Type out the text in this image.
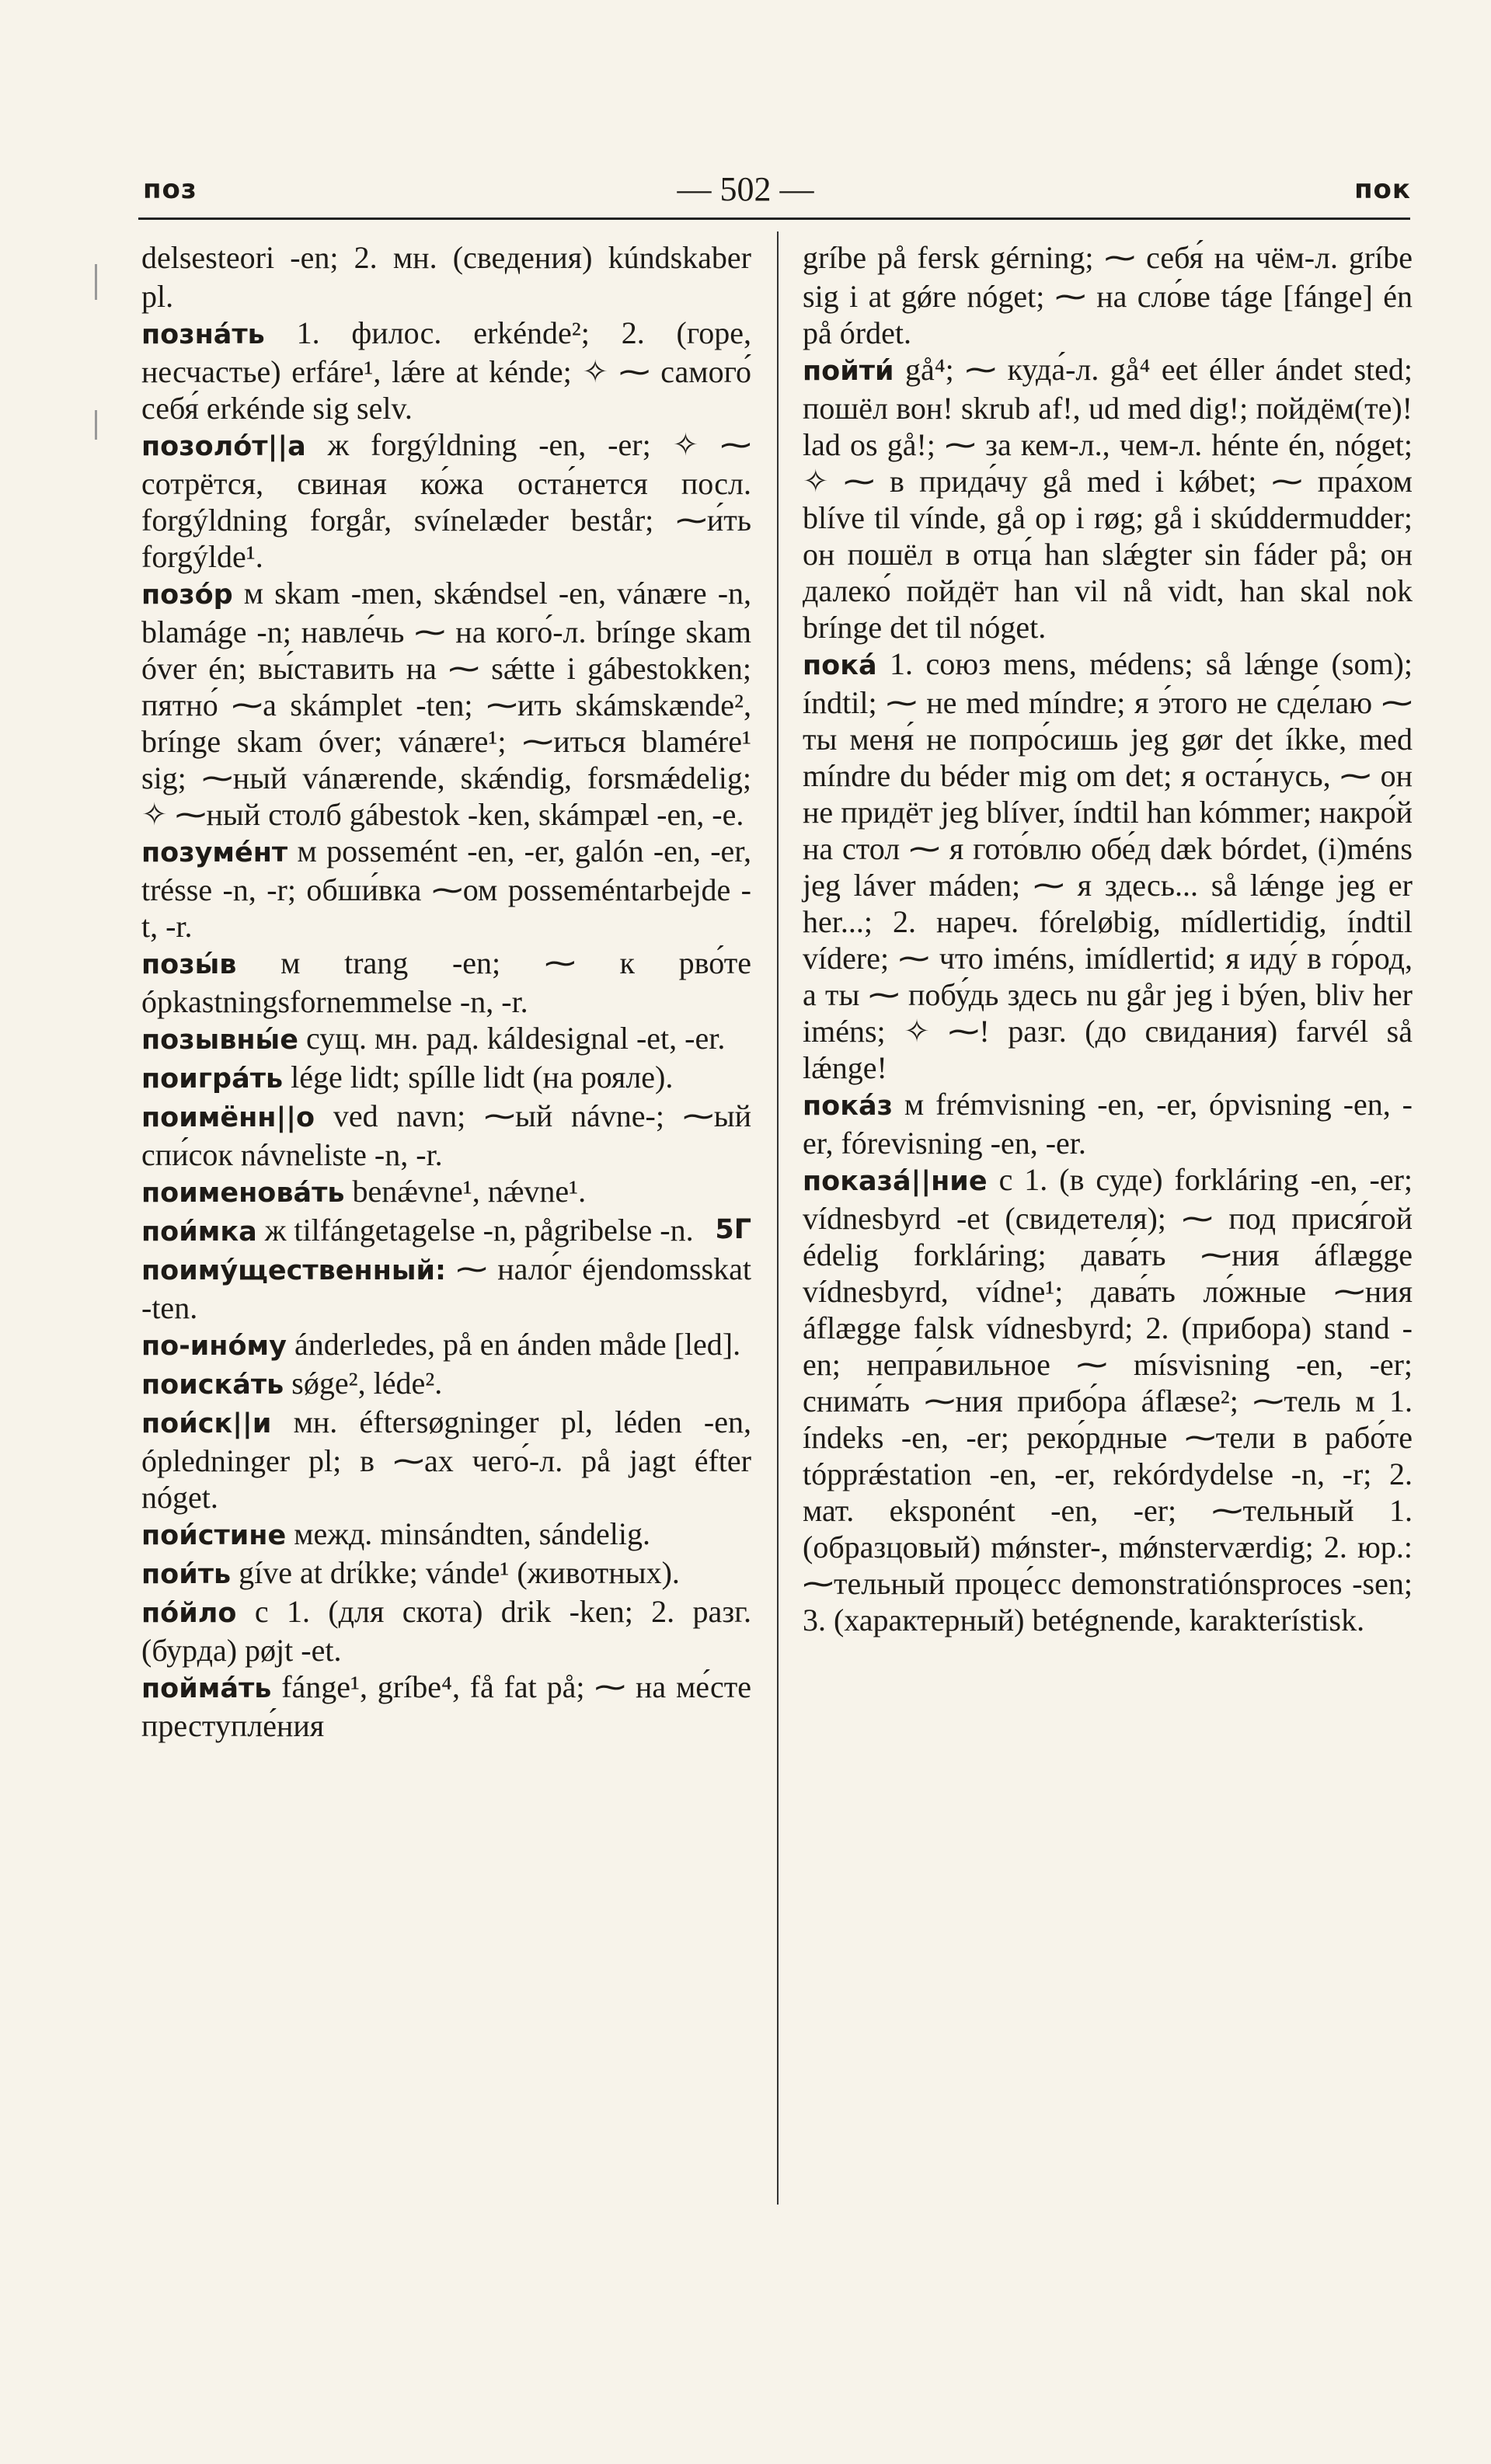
поз	— 502 —	пок

delsesteori -en; 2. мн. (сведения) kúndskaber pl.

позна́ть 1. филос. erkénde²; 2. (горе, несчастье) erfáre¹, lǽre at kénde; ✧ ⁓ самого́ себя́ erkénde sig selv.

позоло́т||а ж forgýldning -en, -er; ✧ ⁓ сотрётся, свиная ко́жа оста́нется посл. forgýldning forgår, svínelæder består; ⁓и́ть forgýlde¹.

позо́р м skam -men, skǽndsel -en, vánære -n, blamáge -n; навле́чь ⁓ на кого́-л. bríngе skam óver én; вы́ставить на ⁓ sǽtte i gábestokken; пятно́ ⁓a skámplet -ten; ⁓ить skámskænde², brínge skam óver; vánære¹; ⁓иться blamére¹ sig; ⁓ный vánærende, skǽndig, forsmǽdelig; ✧ ⁓ный столб gábestok -ken, skámpæl -en, -e.

позуме́нт м possemént -en, -er, galón -en, -er, trésse -n, -r; обши́вка ⁓ом posseméntarbejde -t, -r.

позы́в м trang -en; ⁓ к рво́те ópkastningsfornemmelse -n, -r.

позывны́е сущ. мн. рад. káldesignal -et, -er.

поигра́ть lége lidt; spílle lidt (на рояле).

поимённ||о ved navn; ⁓ый návne-; ⁓ый спи́сок návneliste -n, -r.

поименова́ть benǽvne¹, nǽvne¹.

пои́мка ж tilfángetagelse -n, pågribelse -n. 5Г

поиму́щественный: ⁓ нало́г éjendomsskat -ten.

по-ино́му ánderledes, på en ánden måde [led].

поиска́ть sǿge², léde².

пои́ск||и мн. éftersøgninger pl, léden -en, ópledninger pl; в ⁓ах чего́-л. på jagt éfter nóget.

пои́стине межд. minsándten, sándelig.

пои́ть gíve at drίkke; vánde¹ (животных).

по́йло с 1. (для скота) drik -ken; 2. разг. (бурда) pøjt -et.

пойма́ть fánge¹, gríbe⁴, få fat på; ⁓ на ме́сте преступле́ния

gríbe på fersk gérning; ⁓ себя́ на чём-л. gríbe sig i at gǿre nóget; ⁓ на сло́ве táge [fánge] én på órdet.

пойти́ gå⁴; ⁓ куда́-л. gå⁴ eet éller ándet sted; пошёл вон! skrub af!, ud med dig!; пойдём(те)! lad os gå!; ⁓ за кем-л., чем-л. hénte én, nóget; ✧ ⁓ в прида́чу gå med i kǿbet; ⁓ пра́хом blíve til vínde, gå op i røg; gå i skúddermudder; он пошёл в отца́ han slǽgter sin fáder på; он далеко́ пойдёт han vil nå vidt, han skal nok bríngе det til nóget.

пока́ 1. союз mens, médens; så lǽnge (som); índtil; ⁓ не med míndre; я э́того не сде́лаю ⁓ ты меня́ не попро́сишь jeg gør det íkke, med míndre du béder mig om det; я оста́нусь, ⁓ он не придёт jeg blíver, índtil han kómmer; накро́й на стол ⁓ я гото́влю обе́д dæk bórdet, (i)méns jeg láver máden; ⁓ я здесь... så lǽnge jeg er her...; 2. нареч. fóreløbig, mídlertidig, índtil vídere; ⁓ что iméns, imídlertid; я иду́ в го́род, а ты ⁓ побу́дь здесь nu går jeg i býen, bliv her iméns; ✧ ⁓! разг. (до свидания) farvél så lǽnge!

пока́з м frémvisning -en, -er, ópvisning -en, -er, fórevisning -en, -er.

показа́||ние с 1. (в суде) forkláring -en, -er; vídnesbyrd -et (свидетеля); ⁓ под прися́гой édelig forkláring; дава́ть ⁓ния áflægge vídnesbyrd, vídne¹; дава́ть ло́жные ⁓ния áflægge falsk vídnesbyrd; 2. (прибора) stand -en; непра́вильное ⁓ mísvisning -en, -er; снима́ть ⁓ния прибо́ра áflæse²; ⁓тель м 1. índeks -en, -er; реко́рдные ⁓тели в рабо́те tópprǽstation -en, -er, rekórdydelse -n, -r; 2. мат. eksponént -en, -er; ⁓тельный 1. (образцовый) mǿnster-, mǿnsterværdig; 2. юр.: ⁓тельный проце́сс demonstratiónsproces -sen; 3. (характерный) betégnende, karakterístisk.
